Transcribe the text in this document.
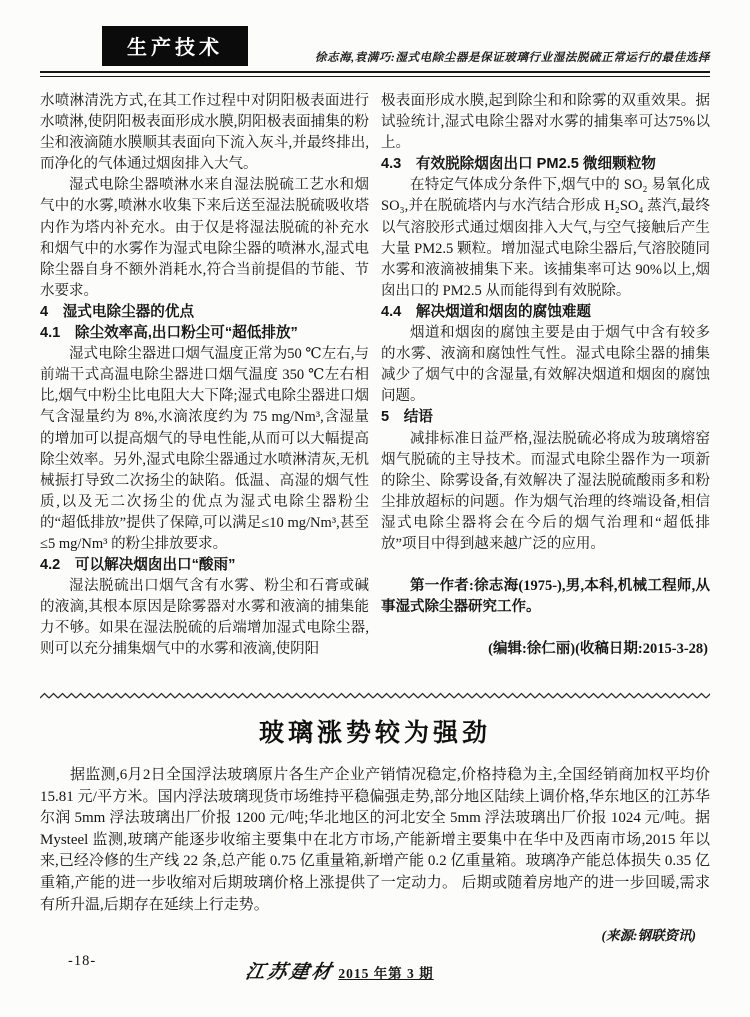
生产技术	徐志海,袁满巧:湿式电除尘器是保证玻璃行业湿法脱硫正常运行的最佳选择

水喷淋清洗方式,在其工作过程中对阴阳极表面进行水喷淋,使阴阳极表面形成水膜,阴阳极表面捕集的粉尘和液滴随水膜顺其表面向下流入灰斗,并最终排出,而净化的气体通过烟囱排入大气。

湿式电除尘器喷淋水来自湿法脱硫工艺水和烟气中的水雾,喷淋水收集下来后送至湿法脱硫吸收塔内作为塔内补充水。由于仅是将湿法脱硫的补充水和烟气中的水雾作为湿式电除尘器的喷淋水,湿式电除尘器自身不额外消耗水,符合当前提倡的节能、节水要求。

4　湿式电除尘器的优点

4.1　除尘效率高,出口粉尘可“超低排放”

湿式电除尘器进口烟气温度正常为50 ℃左右,与前端干式高温电除尘器进口烟气温度 350 ℃左右相比,烟气中粉尘比电阻大大下降;湿式电除尘器进口烟气含湿量约为 8%,水滴浓度约为 75 mg/Nm³,含湿量的增加可以提高烟气的导电性能,从而可以大幅提高除尘效率。另外,湿式电除尘器通过水喷淋清灰,无机械振打导致二次扬尘的缺陷。低温、高湿的烟气性质,以及无二次扬尘的优点为湿式电除尘器粉尘的“超低排放”提供了保障,可以满足≤10 mg/Nm³,甚至≤5 mg/Nm³ 的粉尘排放要求。

4.2　可以解决烟囱出口“酸雨”

湿法脱硫出口烟气含有水雾、粉尘和石膏或碱的液滴,其根本原因是除雾器对水雾和液滴的捕集能力不够。如果在湿法脱硫的后端增加湿式电除尘器,则可以充分捕集烟气中的水雾和液滴,使阴阳

极表面形成水膜,起到除尘和和除雾的双重效果。据试验统计,湿式电除尘器对水雾的捕集率可达75%以上。

4.3　有效脱除烟囱出口 PM2.5 微细颗粒物

在特定气体成分条件下,烟气中的 SO₂ 易氧化成 SO₃,并在脱硫塔内与水汽结合形成 H₂SO₄ 蒸汽,最终以气溶胶形式通过烟囱排入大气,与空气接触后产生大量 PM2.5 颗粒。增加湿式电除尘器后,气溶胶随同水雾和液滴被捕集下来。该捕集率可达 90%以上,烟囱出口的 PM2.5 从而能得到有效脱除。

4.4　解决烟道和烟囱的腐蚀难题

烟道和烟囱的腐蚀主要是由于烟气中含有较多的水雾、液滴和腐蚀性气性。湿式电除尘器的捕集减少了烟气中的含湿量,有效解决烟道和烟囱的腐蚀问题。

5　结语

减排标准日益严格,湿法脱硫必将成为玻璃熔窑烟气脱硫的主导技术。而湿式电除尘器作为一项新的除尘、除雾设备,有效解决了湿法脱硫酸雨多和粉尘排放超标的问题。作为烟气治理的终端设备,相信湿式电除尘器将会在今后的烟气治理和“超低排放”项目中得到越来越广泛的应用。

第一作者:徐志海(1975-),男,本科,机械工程师,从事湿式除尘器研究工作。

(编辑:徐仁丽)(收稿日期:2015-3-28)

玻璃涨势较为强劲

据监测,6月2日全国浮法玻璃原片各生产企业产销情况稳定,价格持稳为主,全国经销商加权平均价 15.81 元/平方米。国内浮法玻璃现货市场维持平稳偏强走势,部分地区陆续上调价格,华东地区的江苏华尔润 5mm 浮法玻璃出厂价报 1200 元/吨;华北地区的河北安全 5mm 浮法玻璃出厂价报 1024 元/吨。据 Mysteel 监测,玻璃产能逐步收缩主要集中在北方市场,产能新增主要集中在华中及西南市场,2015 年以来,已经冷修的生产线 22 条,总产能 0.75 亿重量箱,新增产能 0.2 亿重量箱。玻璃净产能总体损失 0.35 亿重箱,产能的进一步收缩对后期玻璃价格上涨提供了一定动力。 后期或随着房地产的进一步回暖,需求有所升温,后期存在延续上行走势。

(来源:钢联资讯)

-18-
江苏建材 2015 年第 3 期
